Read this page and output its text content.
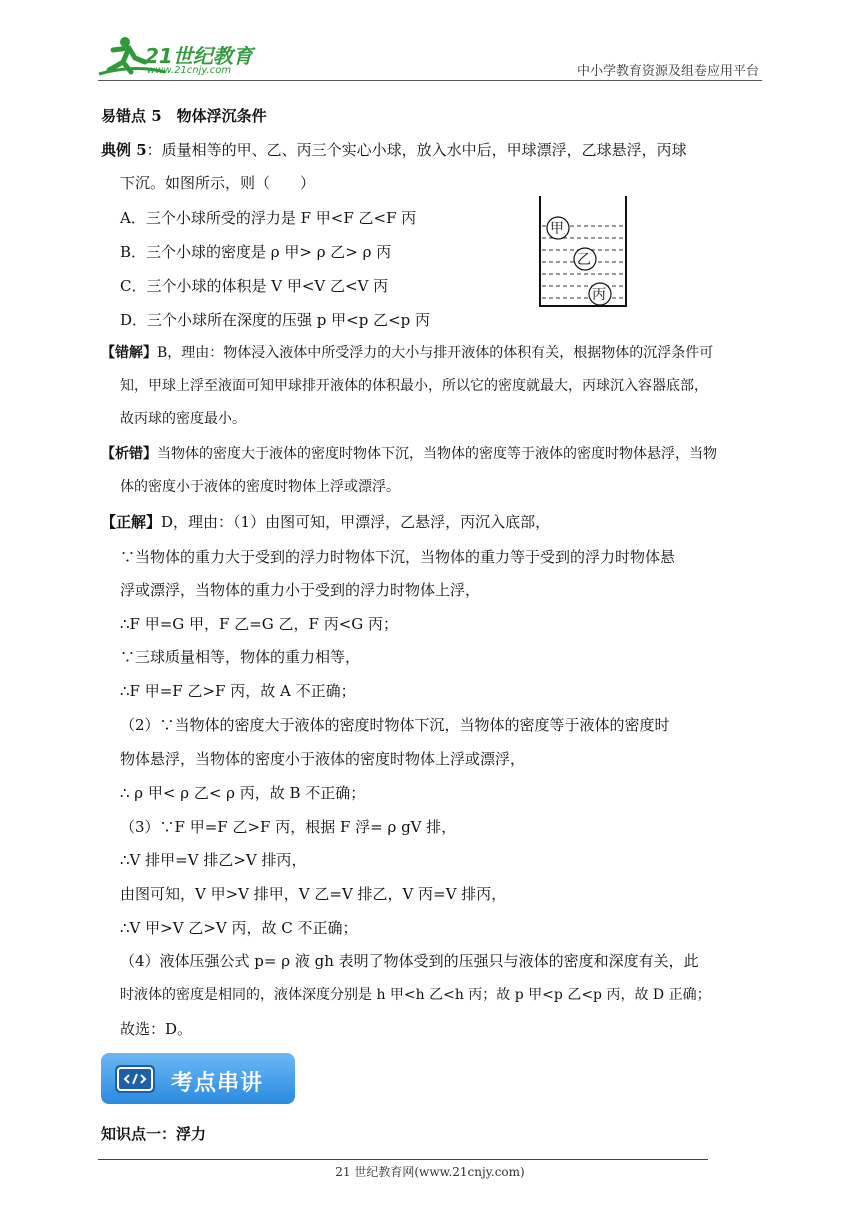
21世纪教育
www.21cnjy.com	中小学教育资源及组卷应用平台
易错点 5　物体浮沉条件
典例 5：质量相等的甲、乙、丙三个实心小球，放入水中后，甲球漂浮，乙球悬浮，丙球
下沉。如图所示，则（　　）
A．三个小球所受的浮力是 F 甲<F 乙<F 丙
B．三个小球的密度是 ρ 甲> ρ 乙> ρ 丙
C．三个小球的体积是 V 甲<V 乙<V 丙
D．三个小球所在深度的压强 p 甲<p 乙<p 丙
甲
乙
丙
【错解】B，理由：物体浸入液体中所受浮力的大小与排开液体的体积有关，根据物体的沉浮条件可
知，甲球上浮至液面可知甲球排开液体的体积最小，所以它的密度就最大，丙球沉入容器底部，
故丙球的密度最小。
【析错】当物体的密度大于液体的密度时物体下沉，当物体的密度等于液体的密度时物体悬浮，当物
体的密度小于液体的密度时物体上浮或漂浮。
【正解】D，理由：（1）由图可知，甲漂浮，乙悬浮，丙沉入底部，
∵当物体的重力大于受到的浮力时物体下沉，当物体的重力等于受到的浮力时物体悬
浮或漂浮，当物体的重力小于受到的浮力时物体上浮，
∴F 甲=G 甲，F 乙=G 乙，F 丙<G 丙；
∵三球质量相等，物体的重力相等，
∴F 甲=F 乙>F 丙，故 A 不正确；
（2）∵当物体的密度大于液体的密度时物体下沉，当物体的密度等于液体的密度时
物体悬浮，当物体的密度小于液体的密度时物体上浮或漂浮，
∴ ρ 甲< ρ 乙< ρ 丙，故 B 不正确；
（3）∵F 甲=F 乙>F 丙，根据 F 浮= ρ gV 排，
∴V 排甲=V 排乙>V 排丙，
由图可知，V 甲>V 排甲，V 乙=V 排乙，V 丙=V 排丙，
∴V 甲>V 乙>V 丙，故 C 不正确；
（4）液体压强公式 p= ρ 液 gh 表明了物体受到的压强只与液体的密度和深度有关，此
时液体的密度是相同的，液体深度分别是 h 甲<h 乙<h 丙；故 p 甲<p 乙<p 丙，故 D 正确；
故选：D。
考点串讲
知识点一：浮力
21 世纪教育网(www.21cnjy.com)
